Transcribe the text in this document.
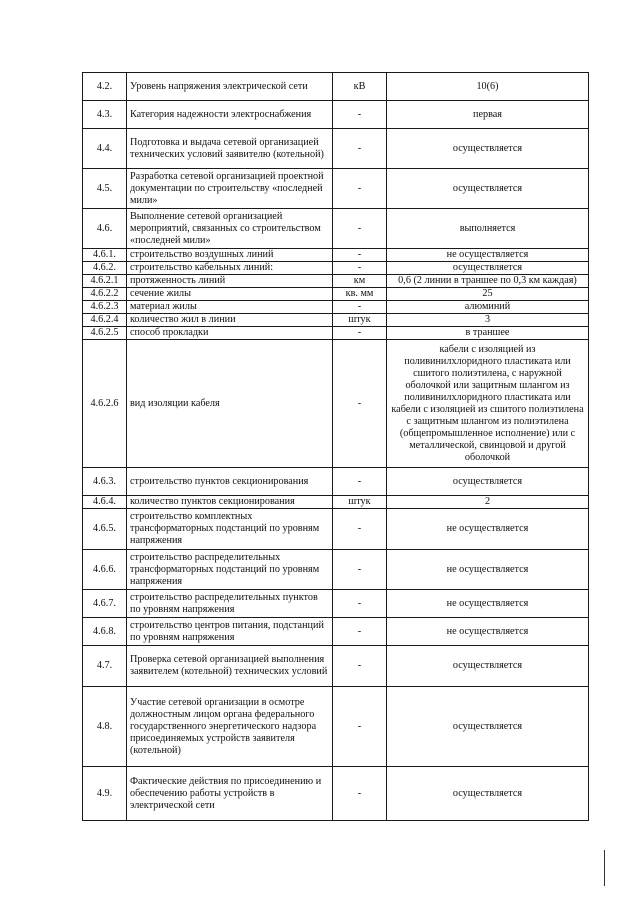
4.2.	Уровень напряжения электрической сети	кВ	10(6)
4.3.	Категория надежности электроснабжения	-	первая
4.4.	Подготовка и выдача сетевой организацией технических условий заявителю (котельной)	-	осуществляется
4.5.	Разработка сетевой организацией проектной документации по строительству «последней мили»	-	осуществляется
4.6.	Выполнение сетевой организацией мероприятий, связанных со строительством «последней мили»	-	выполняется
4.6.1.	строительство воздушных линий	-	не осуществляется
4.6.2.	строительство кабельных линий:	-	осуществляется
4.6.2.1	протяженность линий	км	0,6 (2 линии в траншее по 0,3 км каждая)
4.6.2.2	сечение жилы	кв. мм	25
4.6.2.3	материал жилы	-	алюминий
4.6.2.4	количество жил в линии	штук	3
4.6.2.5	способ прокладки	-	в траншее
4.6.2.6	вид изоляции кабеля	-	кабели с изоляцией из поливинилхлоридного пластиката или сшитого полиэтилена, с наружной оболочкой или защитным шлангом из поливинилхлоридного пластиката или кабели с изоляцией из сшитого полиэтилена с защитным шлангом из полиэтилена (общепромышленное исполнение) или с металлической, свинцовой и другой оболочкой
4.6.3.	строительство пунктов секционирования	-	осуществляется
4.6.4.	количество пунктов секционирования	штук	2
4.6.5.	строительство комплектных трансформаторных подстанций по уровням напряжения	-	не осуществляется
4.6.6.	строительство распределительных трансформаторных подстанций по уровням напряжения	-	не осуществляется
4.6.7.	строительство распределительных пунктов по уровням напряжения	-	не осуществляется
4.6.8.	строительство центров питания, подстанций по уровням напряжения	-	не осуществляется
4.7.	Проверка сетевой организацией выполнения заявителем (котельной) технических условий	-	осуществляется
4.8.	Участие сетевой организации в осмотре должностным лицом органа федерального государственного энергетического надзора присоединяемых устройств заявителя (котельной)	-	осуществляется
4.9.	Фактические действия по присоединению и обеспечению работы устройств в электрической сети	-	осуществляется
